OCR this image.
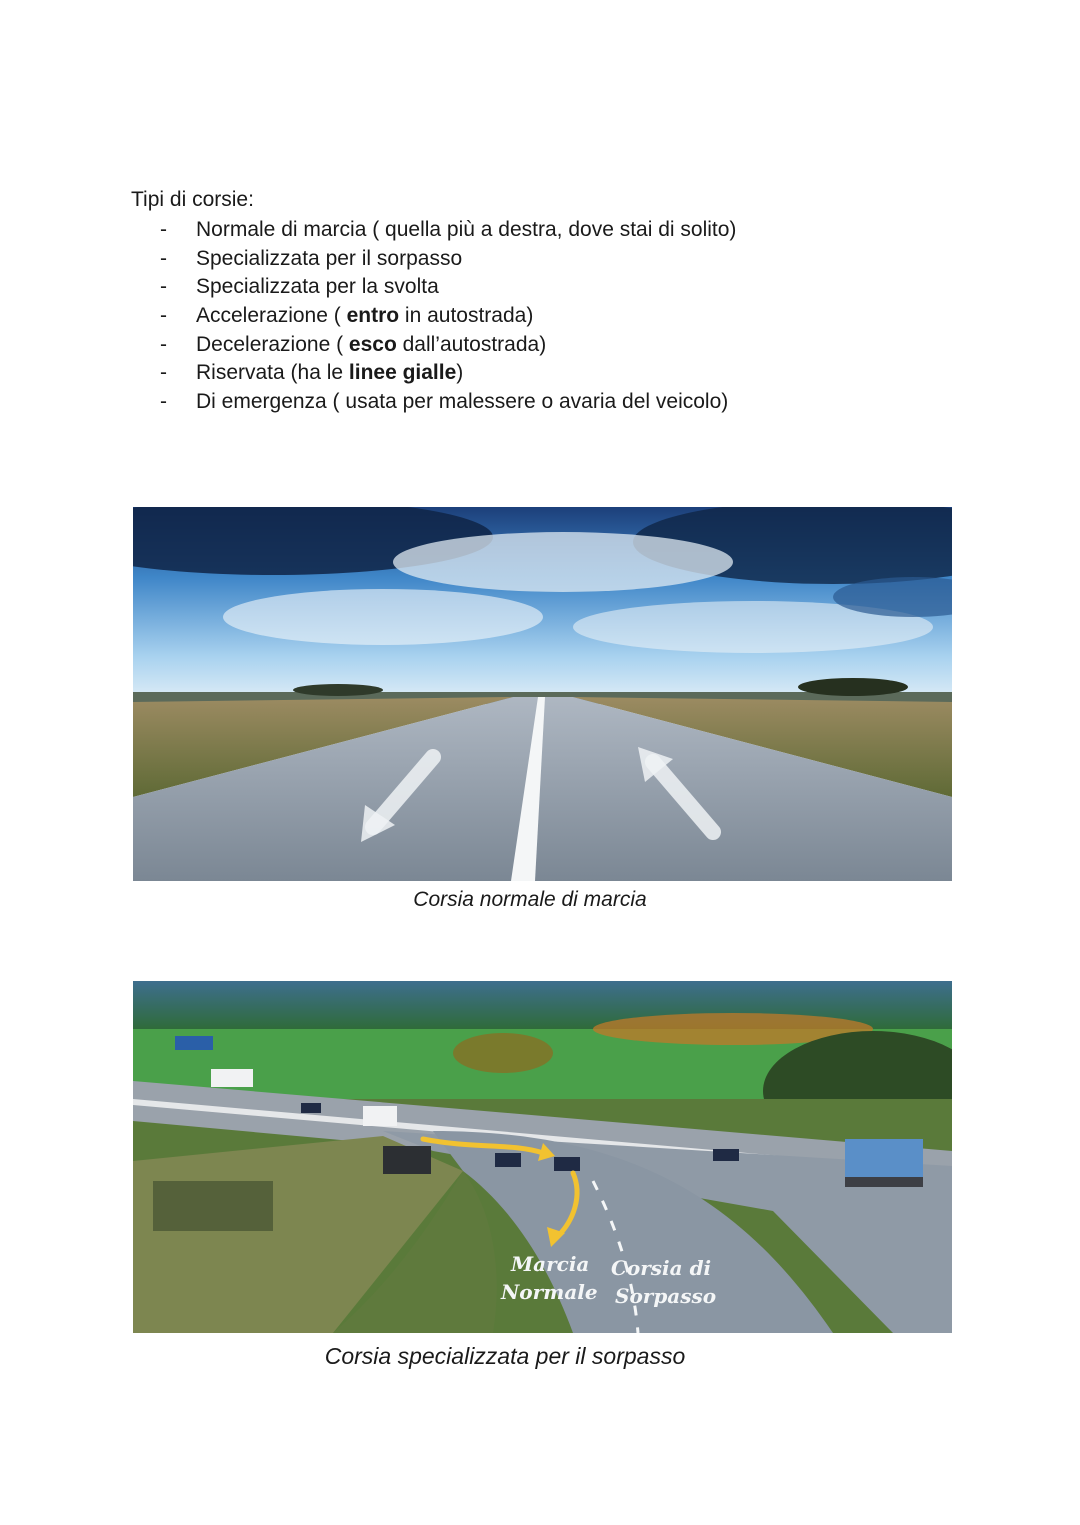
Tipi di corsie:
- Normale di marcia ( quella più a destra, dove stai di solito)
- Specializzata per il sorpasso
- Specializzata per la svolta
- Accelerazione ( entro in autostrada)
- Decelerazione ( esco dall’autostrada)
- Riservata (ha le linee gialle)
- Di emergenza ( usata per malessere o avaria del veicolo)

Corsia normale di marcia

Marcia
Normale
Corsia di
Sorpasso

Corsia specializzata per il sorpasso
